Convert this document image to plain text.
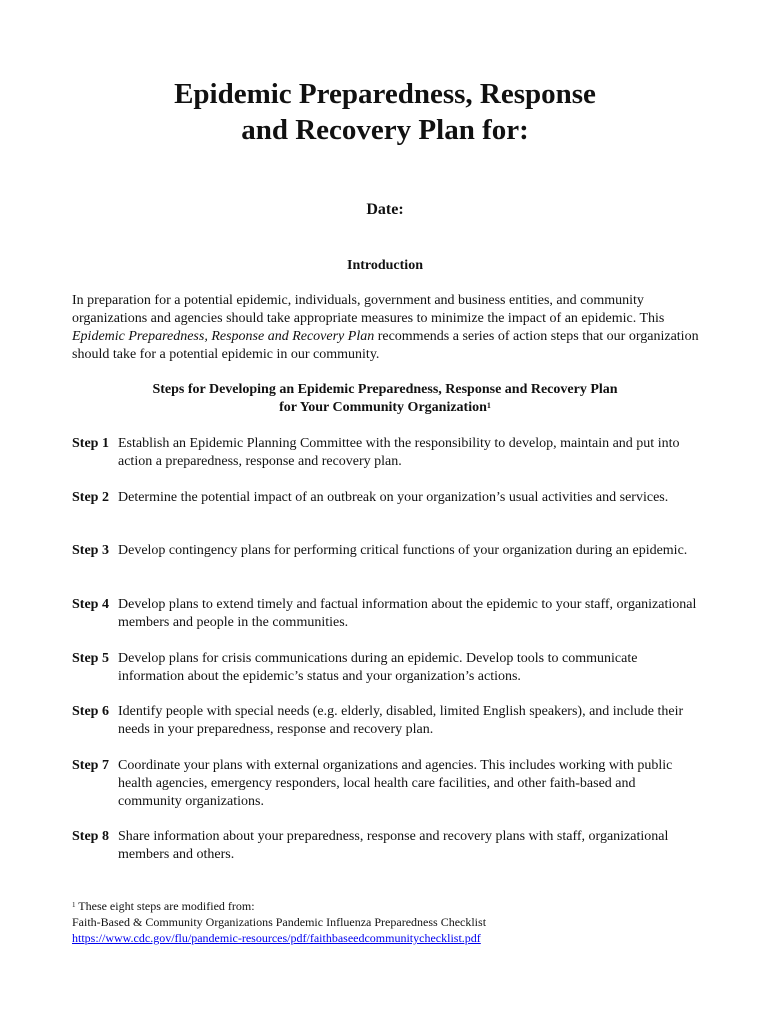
Epidemic Preparedness, Response
and Recovery Plan for:
Date:
Introduction

In preparation for a potential epidemic, individuals, government and business entities, and community organizations and agencies should take appropriate measures to minimize the impact of an epidemic. This Epidemic Preparedness, Response and Recovery Plan recommends a series of action steps that our organization should take for a potential epidemic in our community.

Steps for Developing an Epidemic Preparedness, Response and Recovery Plan
for Your Community Organization$^1$
Step 1 Establish an Epidemic Planning Committee with the responsibility to develop, maintain and put into action a preparedness, response and recovery plan.
Step 2 Determine the potential impact of an outbreak on your organization’s usual activities and services.
Step 3 Develop contingency plans for performing critical functions of your organization during an epidemic.
Step 4 Develop plans to extend timely and factual information about the epidemic to your staff, organizational members and people in the communities.
Step 5 Develop plans for crisis communications during an epidemic. Develop tools to communicate information about the epidemic’s status and your organization’s actions.
Step 6 Identify people with special needs (e.g. elderly, disabled, limited English speakers), and include their needs in your preparedness, response and recovery plan.
Step 7 Coordinate your plans with external organizations and agencies. This includes working with public health agencies, emergency responders, local health care facilities, and other faith-based and community organizations.
Step 8 Share information about your preparedness, response and recovery plans with staff, organizational members and others.
$^1$ These eight steps are modified from:
Faith-Based & Community Organizations Pandemic Influenza Preparedness Checklist
https://www.cdc.gov/flu/pandemic-resources/pdf/faithbaseedcommunitychecklist.pdf
